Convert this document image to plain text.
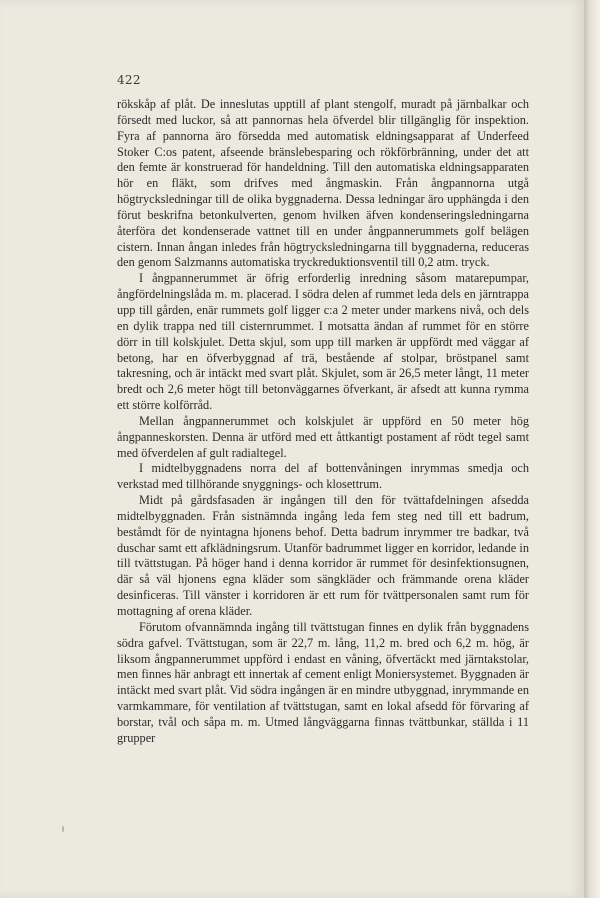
422

rökskåp af plåt. De inneslutas upptill af plant stengolf, muradt på järnbalkar och försedt med luckor, så att pannornas hela öfverdel blir tillgänglig för inspektion. Fyra af pannorna äro försedda med automatisk eldningsapparat af Underfeed Stoker C:os patent, afseende bränslebesparing och rökförbränning, under det att den femte är konstruerad för handeldning. Till den automatiska eldningsapparaten hör en fläkt, som drifves med ångmaskin. Från ångpannorna utgå högtrycksledningar till de olika byggnaderna. Dessa ledningar äro upphängda i den förut beskrifna betonkulverten, genom hvilken äfven kondenseringsledningarna återföra det kondenserade vattnet till en under ångpannerummets golf belägen cistern. Innan ångan inledes från högtrycksledningarna till byggnaderna, reduceras den genom Salzmanns automatiska tryckreduktionsventil till 0,2 atm. tryck.

I ångpannerummet är öfrig erforderlig inredning såsom matarepumpar, ångfördelningslåda m. m. placerad. I södra delen af rummet leda dels en järntrappa upp till gården, enär rummets golf ligger c:a 2 meter under markens nivå, och dels en dylik trappa ned till cisternrummet. I motsatta ändan af rummet för en större dörr in till kolskjulet. Detta skjul, som upp till marken är uppfördt med väggar af betong, har en öfverbyggnad af trä, bestående af stolpar, bröstpanel samt takresning, och är intäckt med svart plåt. Skjulet, som är 26,5 meter långt, 11 meter bredt och 2,6 meter högt till betonväggarnes öfverkant, är afsedt att kunna rymma ett större kolförråd.

Mellan ångpannerummet och kolskjulet är uppförd en 50 meter hög ångpanneskorsten. Denna är utförd med ett åttkantigt postament af rödt tegel samt med öfverdelen af gult radialtegel.

I midtelbyggnadens norra del af bottenvåningen inrymmas smedja och verkstad med tillhörande snyggnings- och klosettrum.

Midt på gårdsfasaden är ingången till den för tvättafdelningen afsedda midtelbyggnaden. Från sistnämnda ingång leda fem steg ned till ett badrum, beståmdt för de nyintagna hjonens behof. Detta badrum inrymmer tre badkar, två duschar samt ett afklädningsrum. Utanför badrummet ligger en korridor, ledande in till tvättstugan. På höger hand i denna korridor är rummet för desinfektionsugnen, där så väl hjonens egna kläder som sängkläder och främmande orena kläder desinficeras. Till vänster i korridoren är ett rum för tvättpersonalen samt rum för mottagning af orena kläder.

Förutom ofvannämnda ingång till tvättstugan finnes en dylik från byggnadens södra gafvel. Tvättstugan, som är 22,7 m. lång, 11,2 m. bred och 6,2 m. hög, är liksom ångpannerummet uppförd i endast en våning, öfvertäckt med järntakstolar, men finnes här anbragt ett innertak af cement enligt Moniersystemet. Byggnaden är intäckt med svart plåt. Vid södra ingången är en mindre utbyggnad, inrymmande en varmkammare, för ventilation af tvättstugan, samt en lokal afsedd för förvaring af borstar, tvål och såpa m. m. Utmed långväggarna finnas tvättbunkar, ställda i 11 grupper
